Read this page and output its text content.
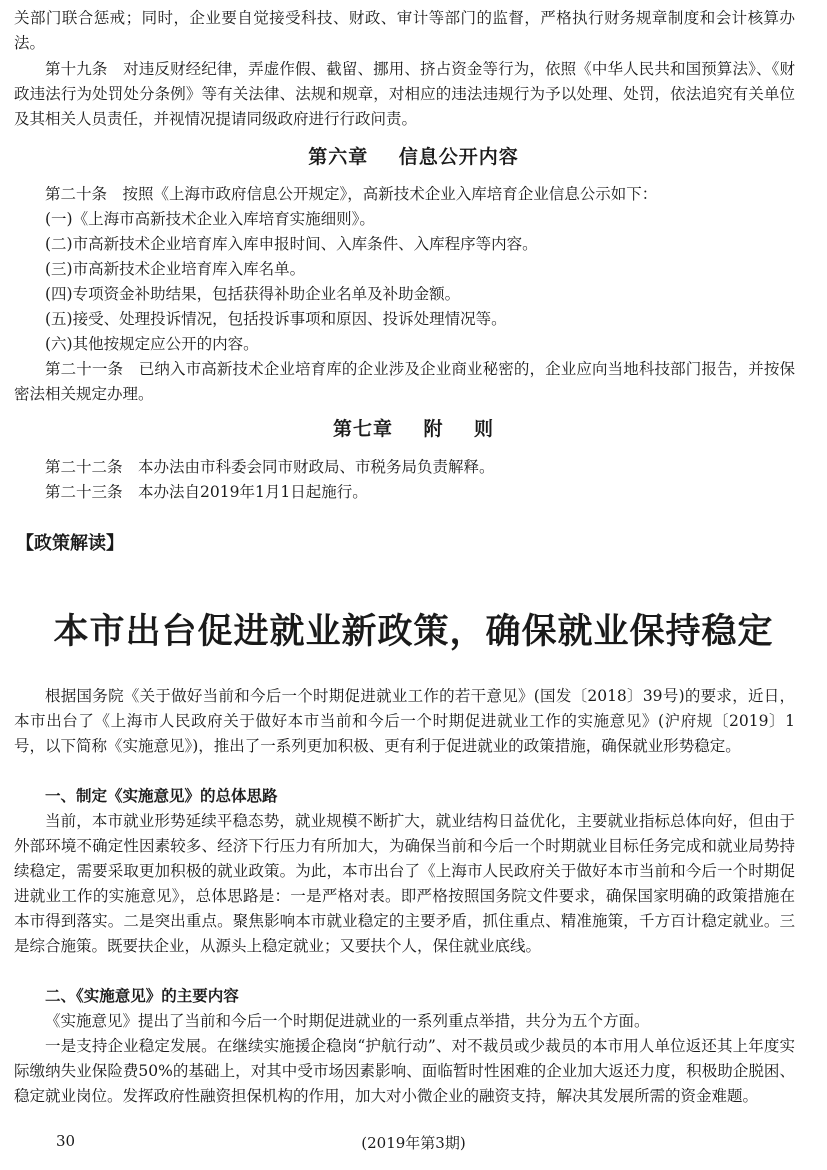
关部门联合惩戒；同时，企业要自觉接受科技、财政、审计等部门的监督，严格执行财务规章制度和会计核算办法。

第十九条　 对违反财经纪律，弄虚作假、截留、挪用、挤占资金等行为，依照《中华人民共和国预算法》、《财政违法行为处罚处分条例》等有关法律、法规和规章，对相应的违法违规行为予以处理、处罚，依法追究有关单位及其相关人员责任，并视情况提请同级政府进行行政问责。

第六章    信息公开内容

第二十条　 按照《上海市政府信息公开规定》，高新技术企业入库培育企业信息公示如下：

(一)《上海市高新技术企业入库培育实施细则》。
(二)市高新技术企业培育库入库申报时间、入库条件、入库程序等内容。
(三)市高新技术企业培育库入库名单。
(四)专项资金补助结果，包括获得补助企业名单及补助金额。
(五)接受、处理投诉情况，包括投诉事项和原因、投诉处理情况等。
(六)其他按规定应公开的内容。

第二十一条　 已纳入市高新技术企业培育库的企业涉及企业商业秘密的，企业应向当地科技部门报告，并按保密法相关规定办理。

第七章    附    则
第二十二条　 本办法由市科委会同市财政局、市税务局负责解释。
第二十三条　 本办法自2019年1月1日起施行。
【政策解读】
本市出台促进就业新政策，确保就业保持稳定

根据国务院《关于做好当前和今后一个时期促进就业工作的若干意见》(国发〔2018〕39号)的要求，近日，本市出台了《上海市人民政府关于做好本市当前和今后一个时期促进就业工作的实施意见》(沪府规〔2019〕1号，以下简称《实施意见》)，推出了一系列更加积极、更有利于促进就业的政策措施，确保就业形势稳定。

一、制定《实施意见》的总体思路

当前，本市就业形势延续平稳态势，就业规模不断扩大，就业结构日益优化，主要就业指标总体向好，但由于外部环境不确定性因素较多、经济下行压力有所加大，为确保当前和今后一个时期就业目标任务完成和就业局势持续稳定，需要采取更加积极的就业政策。为此，本市出台了《上海市人民政府关于做好本市当前和今后一个时期促进就业工作的实施意见》，总体思路是：一是严格对表。即严格按照国务院文件要求，确保国家明确的政策措施在本市得到落实。二是突出重点。聚焦影响本市就业稳定的主要矛盾，抓住重点、精准施策，千方百计稳定就业。三是综合施策。既要扶企业，从源头上稳定就业；又要扶个人，保住就业底线。

二、《实施意见》的主要内容

《实施意见》提出了当前和今后一个时期促进就业的一系列重点举措，共分为五个方面。

一是支持企业稳定发展。在继续实施援企稳岗“护航行动”、对不裁员或少裁员的本市用人单位返还其上年度实际缴纳失业保险费50%的基础上，对其中受市场因素影响、面临暂时性困难的企业加大返还力度，积极助企脱困、稳定就业岗位。发挥政府性融资担保机构的作用，加大对小微企业的融资支持，解决其发展所需的资金难题。

30	(2019年第3期)
